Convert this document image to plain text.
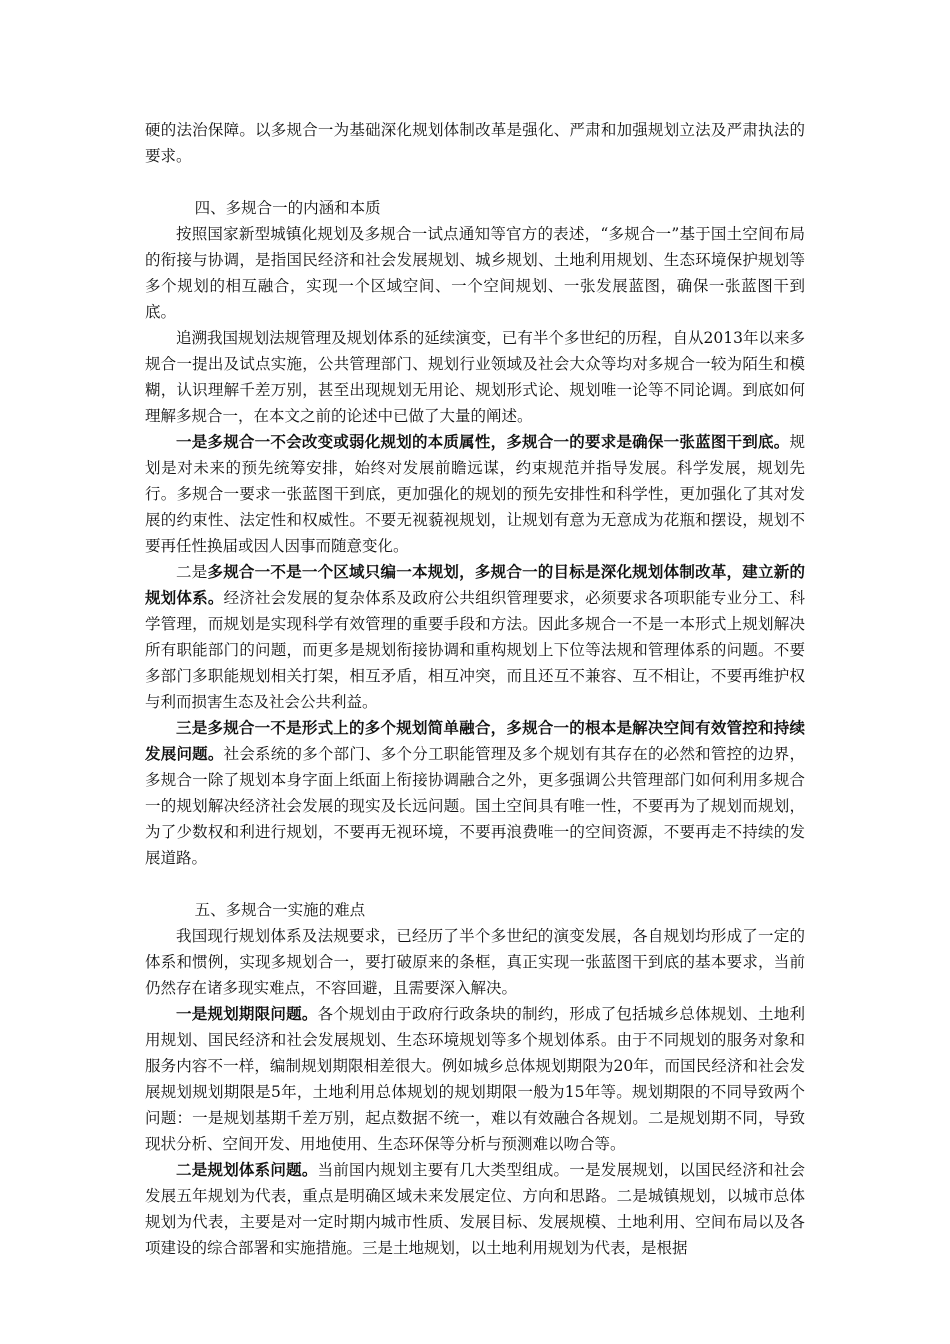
硬的法治保障。以多规合一为基础深化规划体制改革是强化、严肃和加强规划立法及严肃执法的要求。

四、多规合一的内涵和本质

按照国家新型城镇化规划及多规合一试点通知等官方的表述，“多规合一”基于国土空间布局的衔接与协调，是指国民经济和社会发展规划、城乡规划、土地利用规划、生态环境保护规划等多个规划的相互融合，实现一个区域空间、一个空间规划、一张发展蓝图，确保一张蓝图干到底。

追溯我国规划法规管理及规划体系的延续演变，已有半个多世纪的历程，自从2013年以来多规合一提出及试点实施，公共管理部门、规划行业领域及社会大众等均对多规合一较为陌生和模糊，认识理解千差万别，甚至出现规划无用论、规划形式论、规划唯一论等不同论调。到底如何理解多规合一，在本文之前的论述中已做了大量的阐述。

一是多规合一不会改变或弱化规划的本质属性，多规合一的要求是确保一张蓝图干到底。规划是对未来的预先统筹安排，始终对发展前瞻远谋，约束规范并指导发展。科学发展，规划先行。多规合一要求一张蓝图干到底，更加强化的规划的预先安排性和科学性，更加强化了其对发展的约束性、法定性和权威性。不要无视藐视规划，让规划有意为无意成为花瓶和摆设，规划不要再任性换届或因人因事而随意变化。

二是多规合一不是一个区域只编一本规划，多规合一的目标是深化规划体制改革，建立新的规划体系。经济社会发展的复杂体系及政府公共组织管理要求，必须要求各项职能专业分工、科学管理，而规划是实现科学有效管理的重要手段和方法。因此多规合一不是一本形式上规划解决所有职能部门的问题，而更多是规划衔接协调和重构规划上下位等法规和管理体系的问题。不要多部门多职能规划相关打架，相互矛盾，相互冲突，而且还互不兼容、互不相让，不要再维护权与利而损害生态及社会公共利益。

三是多规合一不是形式上的多个规划简单融合，多规合一的根本是解决空间有效管控和持续发展问题。社会系统的多个部门、多个分工职能管理及多个规划有其存在的必然和管控的边界，多规合一除了规划本身字面上纸面上衔接协调融合之外，更多强调公共管理部门如何利用多规合一的规划解决经济社会发展的现实及长远问题。国土空间具有唯一性，不要再为了规划而规划，为了少数权和利进行规划，不要再无视环境，不要再浪费唯一的空间资源，不要再走不持续的发展道路。

五、多规合一实施的难点

我国现行规划体系及法规要求，已经历了半个多世纪的演变发展，各自规划均形成了一定的体系和惯例，实现多规划合一，要打破原来的条框，真正实现一张蓝图干到底的基本要求，当前仍然存在诸多现实难点，不容回避，且需要深入解决。

一是规划期限问题。各个规划由于政府行政条块的制约，形成了包括城乡总体规划、土地利用规划、国民经济和社会发展规划、生态环境规划等多个规划体系。由于不同规划的服务对象和服务内容不一样，编制规划期限相差很大。例如城乡总体规划期限为20年，而国民经济和社会发展规划规划期限是5年，土地利用总体规划的规划期限一般为15年等。规划期限的不同导致两个问题：一是规划基期千差万别，起点数据不统一，难以有效融合各规划。二是规划期不同，导致现状分析、空间开发、用地使用、生态环保等分析与预测难以吻合等。

二是规划体系问题。当前国内规划主要有几大类型组成。一是发展规划，以国民经济和社会发展五年规划为代表，重点是明确区域未来发展定位、方向和思路。二是城镇规划，以城市总体规划为代表，主要是对一定时期内城市性质、发展目标、发展规模、土地利用、空间布局以及各项建设的综合部署和实施措施。三是土地规划，以土地利用规划为代表，是根据
